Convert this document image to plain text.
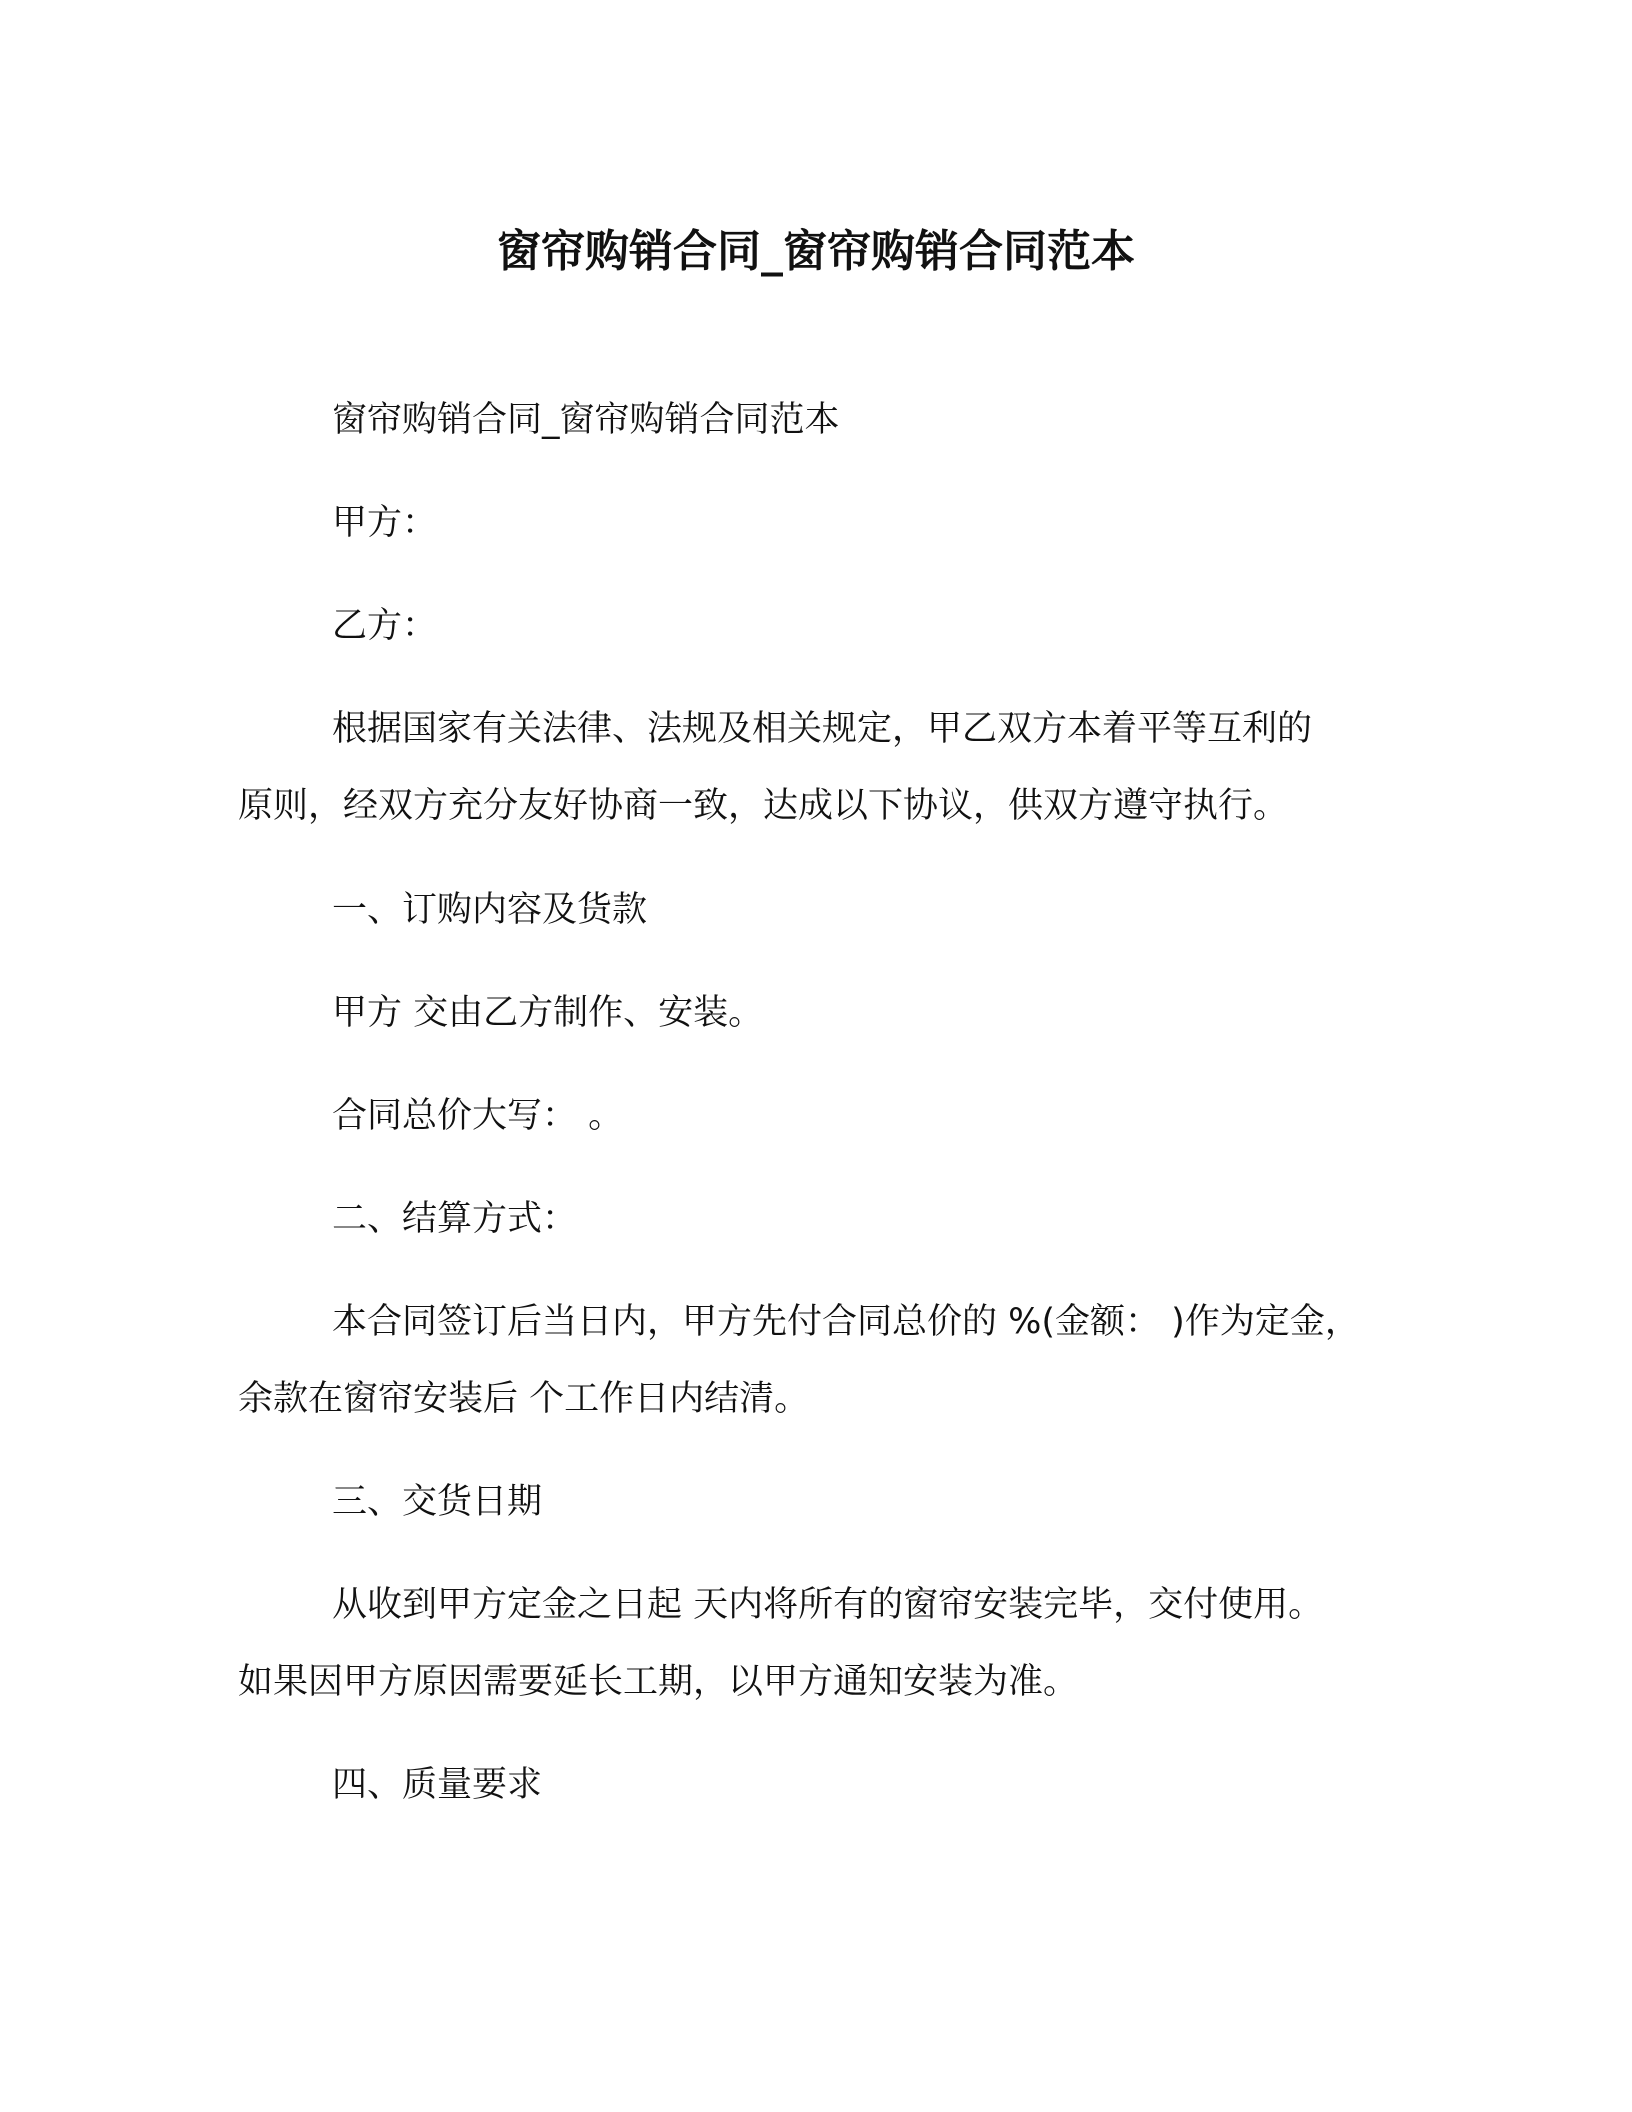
窗帘购销合同_窗帘购销合同范本
窗帘购销合同_窗帘购销合同范本
甲方：
乙方：
根据国家有关法律、法规及相关规定，甲乙双方本着平等互利的
原则，经双方充分友好协商一致，达成以下协议，供双方遵守执行。
一、订购内容及货款
甲方 交由乙方制作、安装。
合同总价大写： 。
二、结算方式：
本合同签订后当日内，甲方先付合同总价的 %(金额： )作为定金，
余款在窗帘安装后 个工作日内结清。
三、交货日期
从收到甲方定金之日起 天内将所有的窗帘安装完毕，交付使用。
如果因甲方原因需要延长工期，以甲方通知安装为准。
四、质量要求
